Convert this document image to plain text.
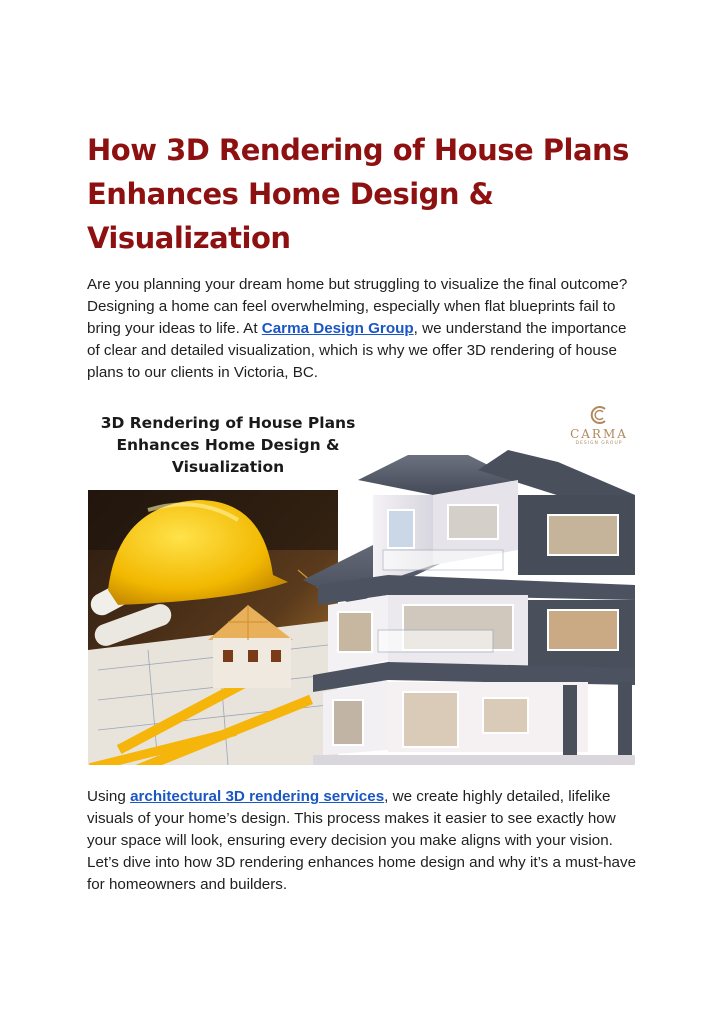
How 3D Rendering of House Plans Enhances Home Design & Visualization

Are you planning your dream home but struggling to visualize the final outcome? Designing a home can feel overwhelming, especially when flat blueprints fail to bring your ideas to life. At Carma Design Group, we understand the importance of clear and detailed visualization, which is why we offer 3D rendering of house plans to our clients in Victoria, BC.

3D Rendering of House Plans
Enhances Home Design &
Visualization

CARMA
DESIGN GROUP

Using architectural 3D rendering services, we create highly detailed, lifelike visuals of your home’s design. This process makes it easier to see exactly how your space will look, ensuring every decision you make aligns with your vision. Let’s dive into how 3D rendering enhances home design and why it’s a must-have for homeowners and builders.
